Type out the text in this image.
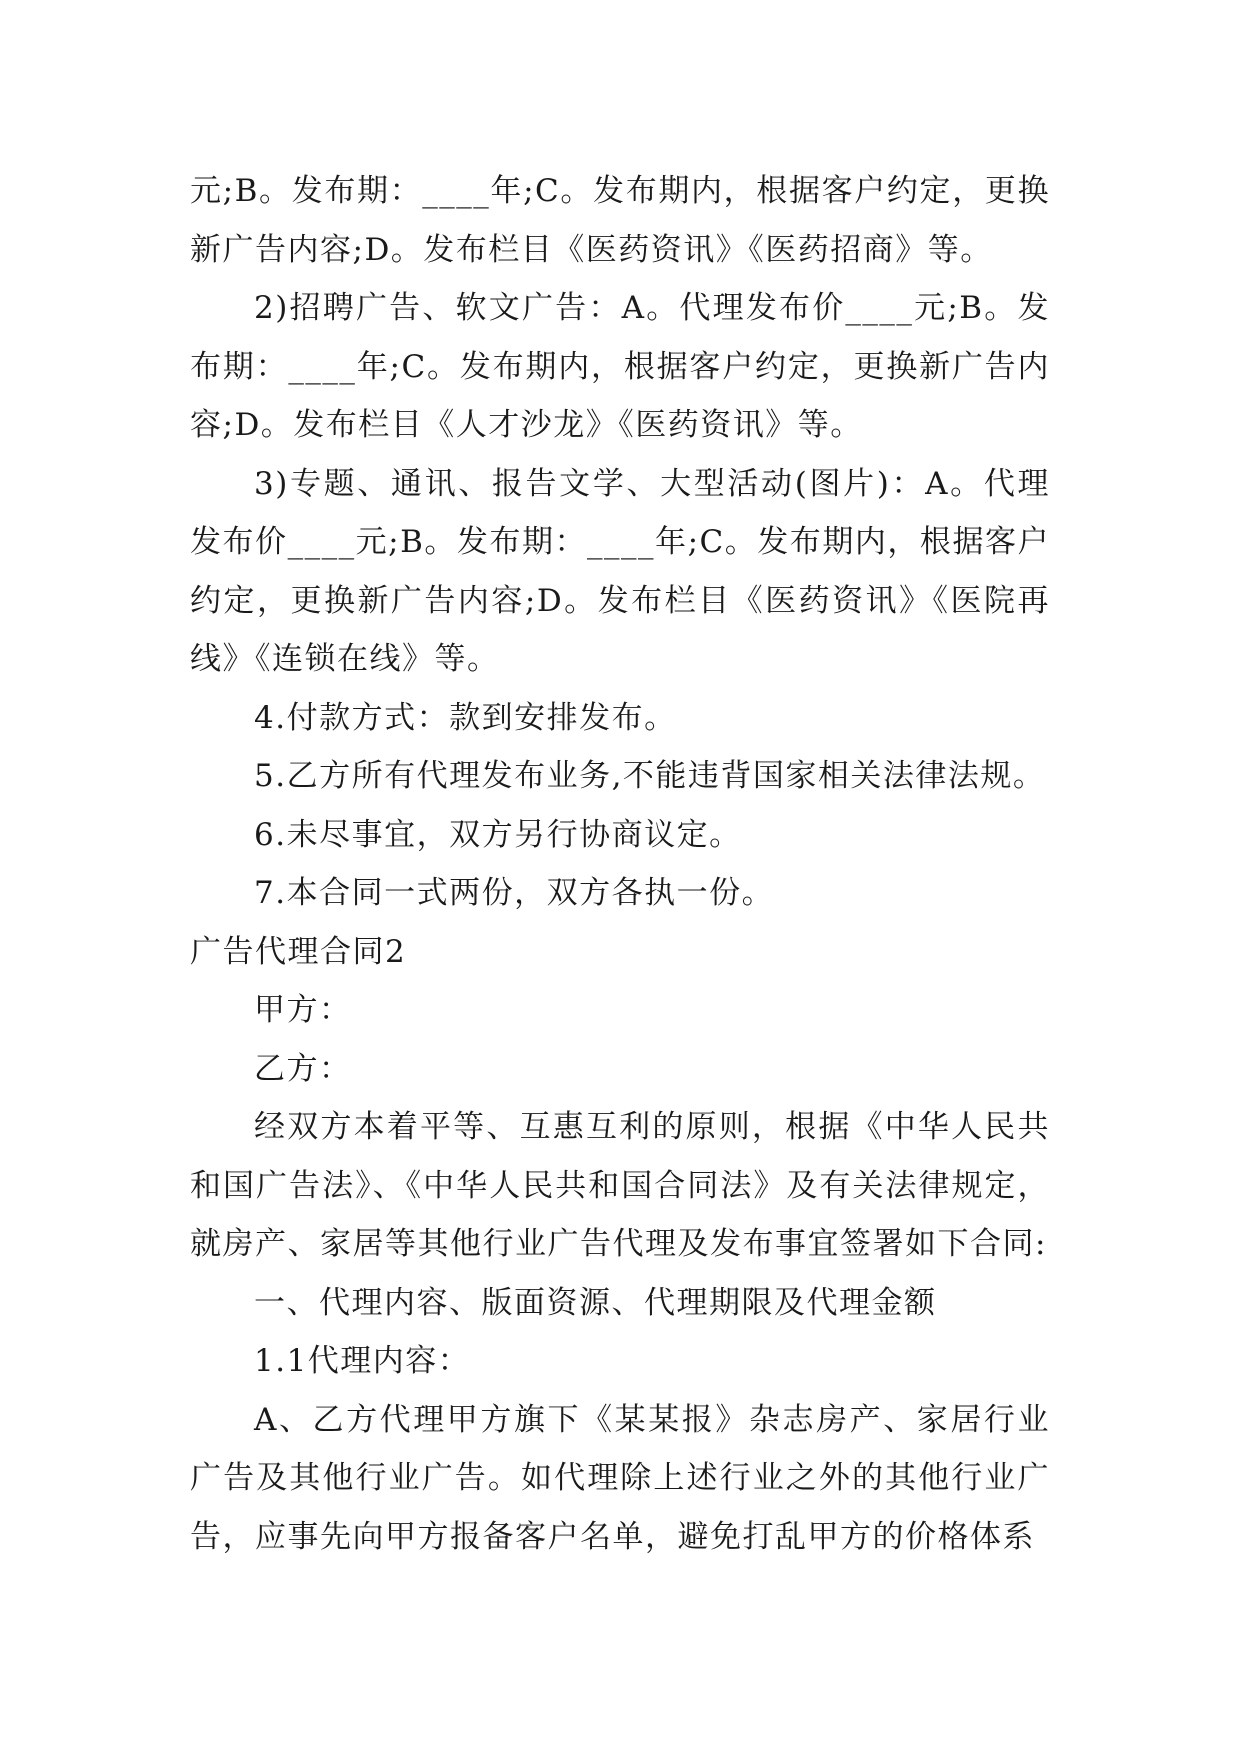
元;B。发布期：____年;C。发布期内，根据客户约定，更换新广告内容;D。发布栏目《医药资讯》《医药招商》等。

2)招聘广告、软文广告：A。代理发布价____元;B。发布期：____年;C。发布期内，根据客户约定，更换新广告内容;D。发布栏目《人才沙龙》《医药资讯》等。

3)专题、通讯、报告文学、大型活动(图片)：A。代理发布价____元;B。发布期：____年;C。发布期内，根据客户约定，更换新广告内容;D。发布栏目《医药资讯》《医院再线》《连锁在线》等。

4.付款方式：款到安排发布。

5.乙方所有代理发布业务,不能违背国家相关法律法规。

6.未尽事宜，双方另行协商议定。

7.本合同一式两份，双方各执一份。

广告代理合同2

甲方：

乙方：

经双方本着平等、互惠互利的原则，根据《中华人民共和国广告法》、《中华人民共和国合同法》及有关法律规定，就房产、家居等其他行业广告代理及发布事宜签署如下合同:

一、代理内容、版面资源、代理期限及代理金额

1.1代理内容：

A、乙方代理甲方旗下《某某报》杂志房产、家居行业广告及其他行业广告。如代理除上述行业之外的其他行业广告，应事先向甲方报备客户名单，避免打乱甲方的价格体系
